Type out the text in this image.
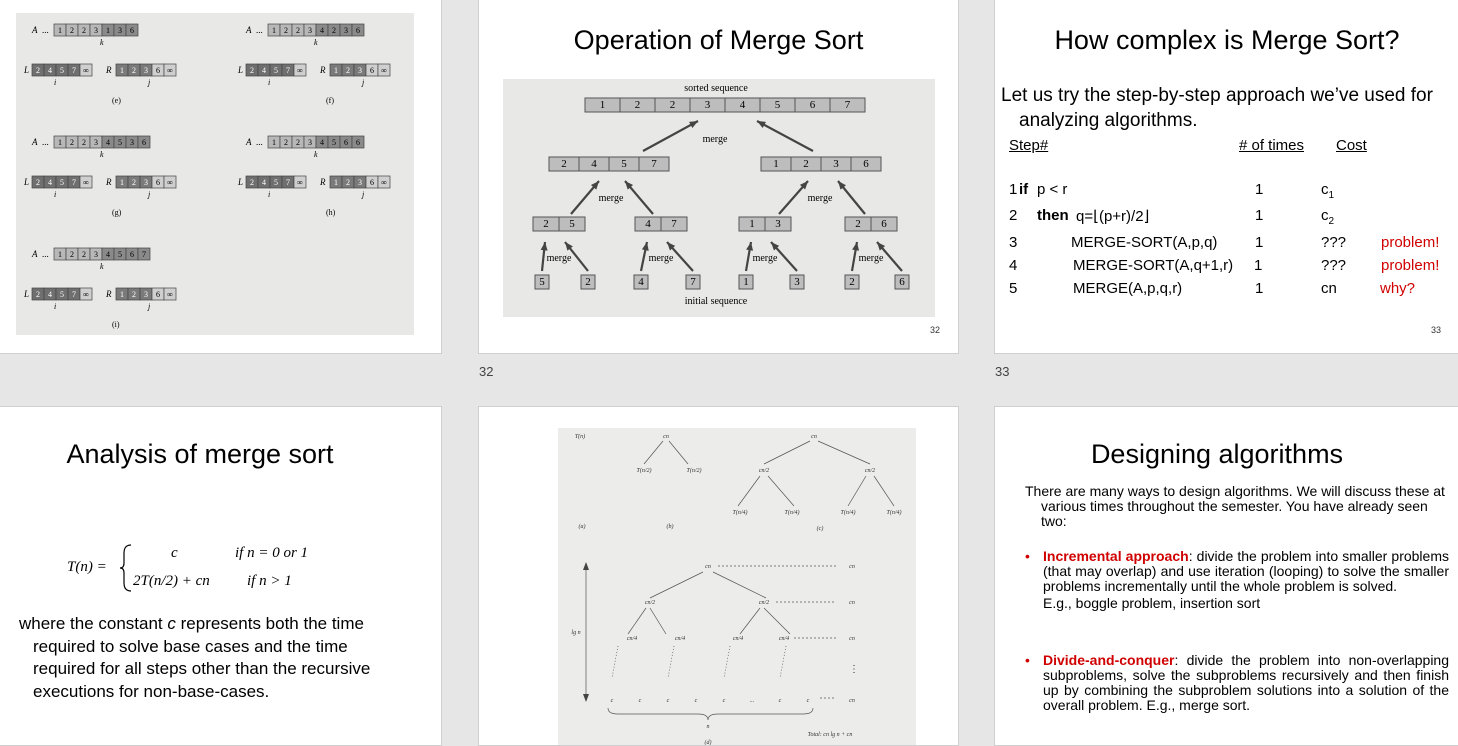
A ... 1 2 2 3 1 3 6
k
L 2 4 5 7 ∞ R 1 2 3 6 ∞
i	j
(e)
A ... 1 2 2 3 4 2 3 6
k
L 2 4 5 7 ∞ R 1 2 3 6 ∞
i	j
(f)
A ... 1 2 2 3 4 5 3 6
k
L 2 4 5 7 ∞ R 1 2 3 6 ∞
i	j
(g)
A ... 1 2 2 3 4 5 6 6
k
L 2 4 5 7 ∞ R 1 2 3 6 ∞
i	j
(h)
A ... 1 2 2 3 4 5 6 7
k
L 2 4 5 7 ∞ R 1 2 3 6 ∞
i	j
(i)
Operation of Merge Sort
sorted sequence
1	2	2	3	4	5	6	7
merge
2 4 5 7	1 2 3 6
merge	merge
2 5	4 7	1 3	2 6
merge	merge	merge	merge
5	2	4	7	1	3	2	6
initial sequence
32
32
How complex is Merge Sort?
Let us try the step-by-step approach we’ve used for analyzing algorithms.
Step#	# of times Cost
1 if p < r	1	$c_1$
2 then q=⌊(p+r)/2⌋	1	$c_2$
3	MERGE-SORT(A,p,q)	1	??? problem!
4	MERGE-SORT(A,q+1,r) 1	??? problem!
5	MERGE(A,p,q,r)	1	cn	why?
33
33
Analysis of merge sort
T(n) =
c	if n = 0 or 1
2T(n/2) + cn if n > 1
where the constant c represents both the time required to solve base cases and the time required for all steps other than the recursive executions for non-base-cases.
T(n)	cn
T(n/2)	T(n/2)
cn
cn/2	cn/2
T(n/4)	T(n/4)	T(n/4)	T(n/4)
(a)	(b)	(c)
cn	cn
cn/2	cn/2	cn
cn/4	cn/4	cn/4	cn/4	cn
⋮
lg n
c	c	c	c	c	...	c	c	cn
n
Total: cn lg n + cn
(d)
Designing algorithms
There are many ways to design algorithms. We will discuss these at various times throughout the semester. You have already seen two:
• Incremental approach: divide the problem into smaller problems (that may overlap) and use iteration (looping) to solve the smaller problems incrementally until the whole problem is solved.
E.g., boggle problem, insertion sort
• Divide-and-conquer: divide the problem into non-overlapping subproblems, solve the subproblems recursively and then finish up by combining the subproblem solutions into a solution of the overall problem. E.g., merge sort.
